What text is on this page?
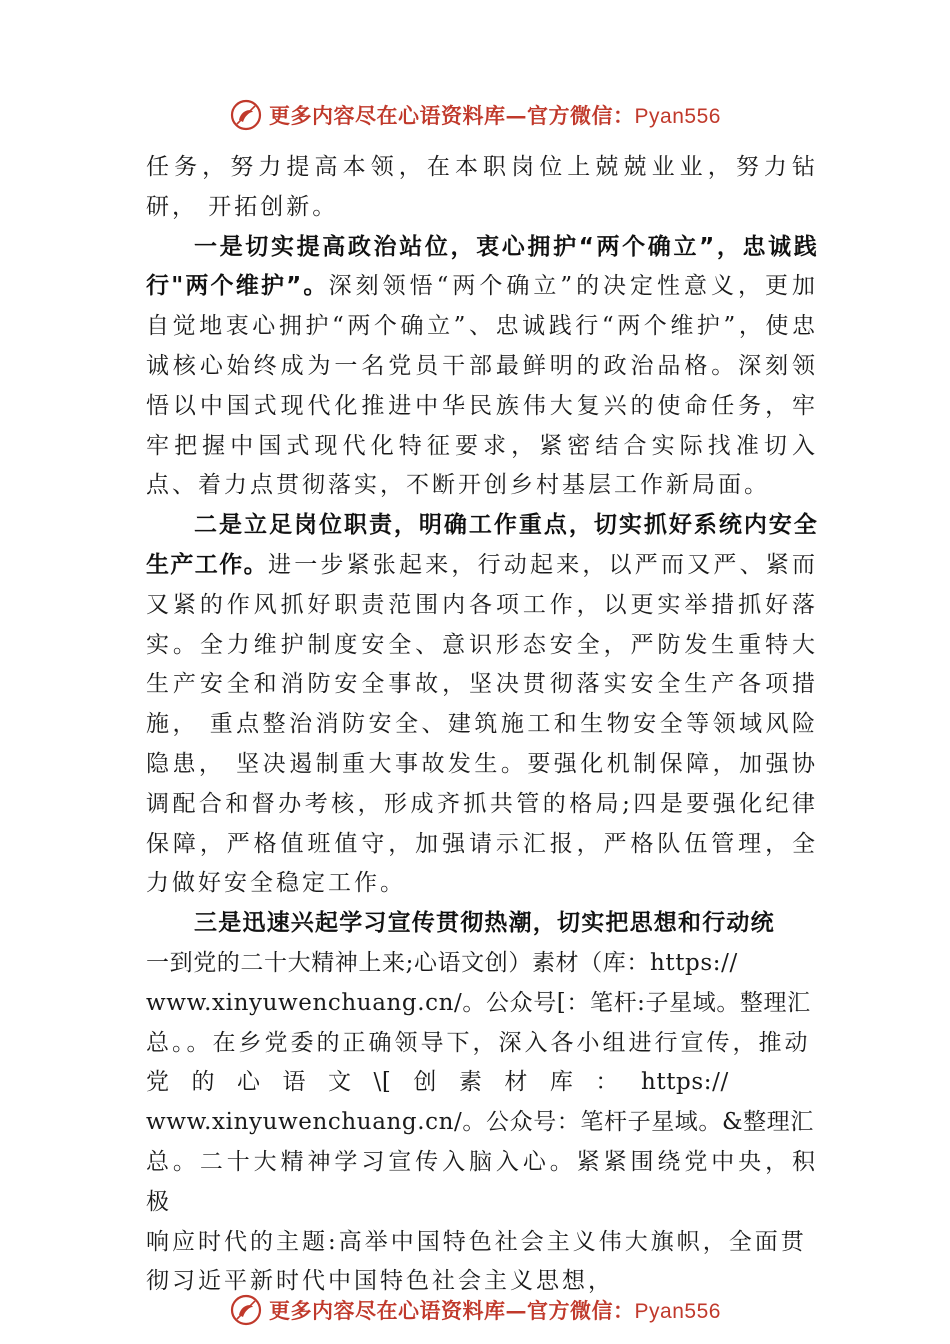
更多内容尽在心语资料库—官方微信：Pyan556

任务，努力提高本领，在本职岗位上兢兢业业，努力钻研， 开拓创新。

一是切实提高政治站位，衷心拥护“两个确立”，忠诚践行"两个维护”。深刻领悟“两个确立”的决定性意义，更加自觉地衷心拥护“两个确立”、忠诚践行“两个维护”，使忠诚核心始终成为一名党员干部最鲜明的政治品格。深刻领悟以中国式现代化推进中华民族伟大复兴的使命任务，牢牢把握中国式现代化特征要求，紧密结合实际找准切入点、着力点贯彻落实，不断开创乡村基层工作新局面。

二是立足岗位职责，明确工作重点，切实抓好系统内安全生产工作。进一步紧张起来，行动起来，以严而又严、紧而又紧的作风抓好职责范围内各项工作，以更实举措抓好落实。全力维护制度安全、意识形态安全，严防发生重特大生产安全和消防安全事故，坚决贯彻落实安全生产各项措施， 重点整治消防安全、建筑施工和生物安全等领域风险隐患， 坚决遏制重大事故发生。要强化机制保障，加强协调配合和督办考核，形成齐抓共管的格局;四是要强化纪律保障，严格值班值守，加强请示汇报，严格队伍管理，全力做好安全稳定工作。

三是迅速兴起学习宣传贯彻热潮，切实把思想和行动统

一到党的二十大精神上来;心语文创）素材（库：https://

www.xinyuwenchuang.cn/。公众号[：笔杆:子星域。整理汇

总。。在乡党委的正确领导下，深入各小组进行宣传，推动

党 的 心 语 文 \[ 创 素 材 库 ： https://

www.xinyuwenchuang.cn/。公众号：笔杆子星域。&整理汇

总。二十大精神学习宣传入脑入心。紧紧围绕党中央，积极

响应时代的主题:高举中国特色社会主义伟大旗帜，全面贯

彻习近平新时代中国特色社会主义思想，

更多内容尽在心语资料库—官方微信：Pyan556
